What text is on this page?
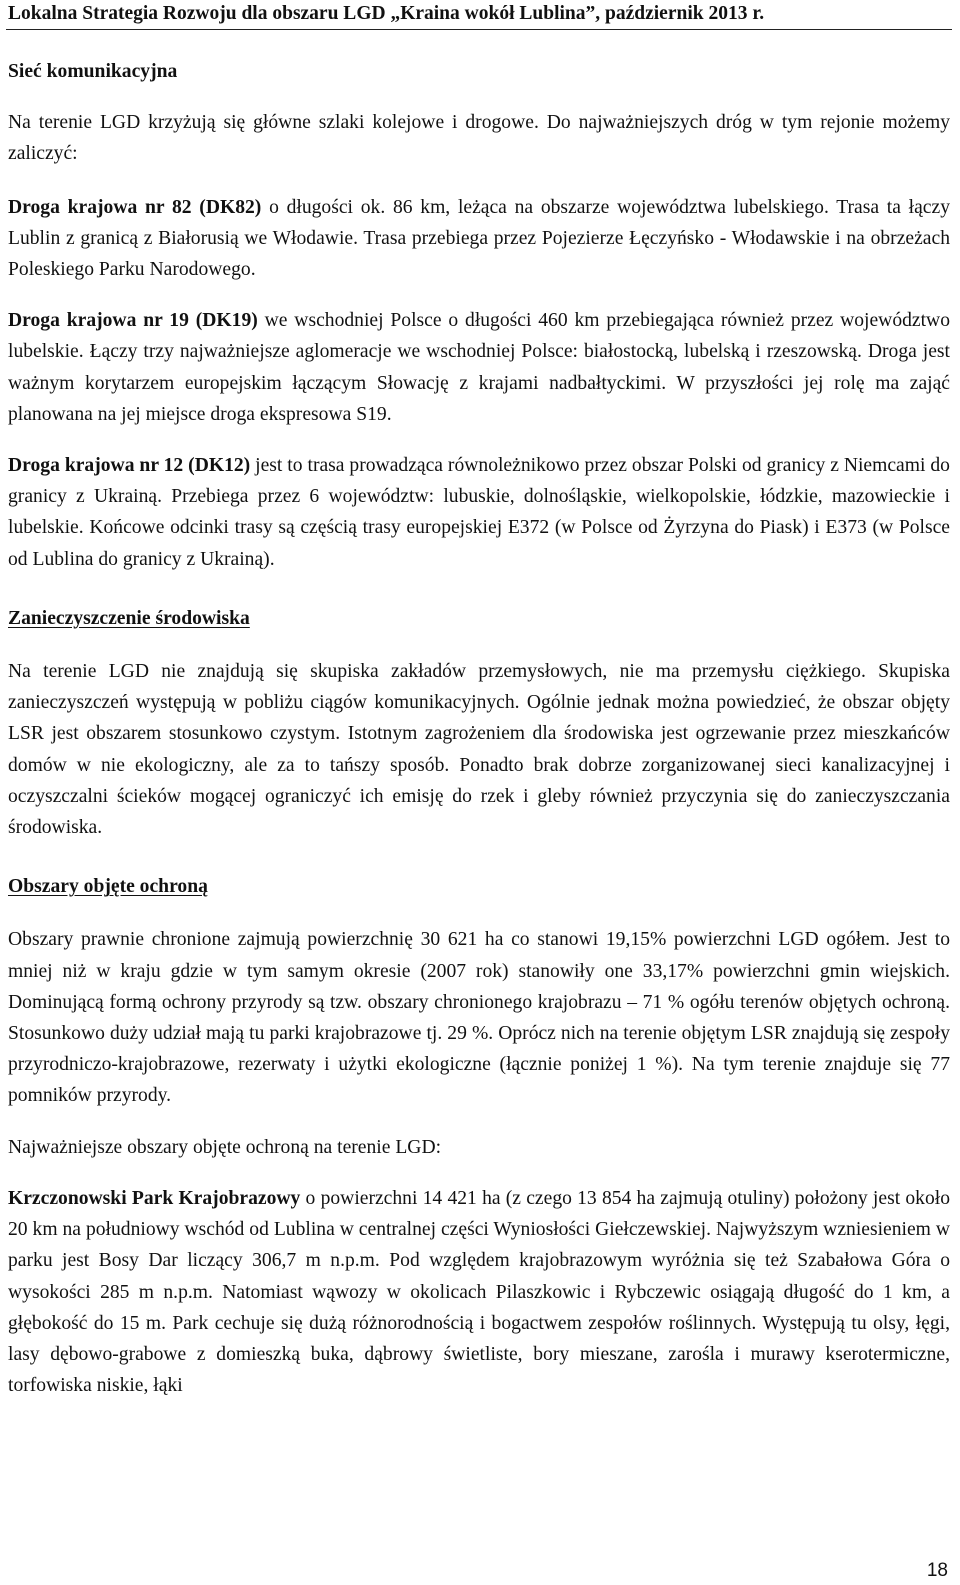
Lokalna Strategia Rozwoju dla obszaru LGD „Kraina wokół Lublina”, październik 2013 r.

Sieć komunikacyjna

Na terenie LGD krzyżują się główne szlaki kolejowe i drogowe. Do najważniejszych dróg w tym rejonie możemy zaliczyć:

Droga krajowa nr 82 (DK82) o długości ok. 86 km, leżąca na obszarze województwa lubelskiego. Trasa ta łączy Lublin z granicą z Białorusią we Włodawie. Trasa przebiega przez Pojezierze Łęczyńsko - Włodawskie i na obrzeżach Poleskiego Parku Narodowego.

Droga krajowa nr 19 (DK19) we wschodniej Polsce o długości 460 km przebiegająca również przez województwo lubelskie. Łączy trzy najważniejsze aglomeracje we wschodniej Polsce: białostocką, lubelską i rzeszowską. Droga jest ważnym korytarzem europejskim łączącym Słowację z krajami nadbałtyckimi. W przyszłości jej rolę ma zająć planowana na jej miejsce droga ekspresowa S19.

Droga krajowa nr 12 (DK12) jest to trasa prowadząca równoleżnikowo przez obszar Polski od granicy z Niemcami do granicy z Ukrainą. Przebiega przez 6 województw: lubuskie, dolnośląskie, wielkopolskie, łódzkie, mazowieckie i lubelskie. Końcowe odcinki trasy są częścią trasy europejskiej E372 (w Polsce od Żyrzyna do Piask) i E373 (w Polsce od Lublina do granicy z Ukrainą).

Zanieczyszczenie środowiska

Na terenie LGD nie znajdują się skupiska zakładów przemysłowych, nie ma przemysłu ciężkiego. Skupiska zanieczyszczeń występują w pobliżu ciągów komunikacyjnych. Ogólnie jednak można powiedzieć, że obszar objęty LSR jest obszarem stosunkowo czystym. Istotnym zagrożeniem dla środowiska jest ogrzewanie przez mieszkańców domów w nie ekologiczny, ale za to tańszy sposób. Ponadto brak dobrze zorganizowanej sieci kanalizacyjnej i oczyszczalni ścieków mogącej ograniczyć ich emisję do rzek i gleby również przyczynia się do zanieczyszczania środowiska.

Obszary objęte ochroną

Obszary prawnie chronione zajmują powierzchnię 30 621 ha co stanowi 19,15% powierzchni LGD ogółem. Jest to mniej niż w kraju gdzie w tym samym okresie (2007 rok) stanowiły one 33,17% powierzchni gmin wiejskich. Dominującą formą ochrony przyrody są tzw. obszary chronionego krajobrazu – 71 % ogółu terenów objętych ochroną. Stosunkowo duży udział mają tu parki krajobrazowe tj. 29 %. Oprócz nich na terenie objętym LSR znajdują się zespoły przyrodniczo-krajobrazowe, rezerwaty i użytki ekologiczne (łącznie poniżej 1 %). Na tym terenie znajduje się 77 pomników przyrody.

Najważniejsze obszary objęte ochroną na terenie LGD:

Krzczonowski Park Krajobrazowy o powierzchni 14 421 ha (z czego 13 854 ha zajmują otuliny) położony jest około 20 km na południowy wschód od Lublina w centralnej części Wyniosłości Giełczewskiej. Najwyższym wzniesieniem w parku jest Bosy Dar liczący 306,7 m n.p.m. Pod względem krajobrazowym wyróżnia się też Szabałowa Góra o wysokości 285 m n.p.m. Natomiast wąwozy w okolicach Pilaszkowic i Rybczewic osiągają długość do 1 km, a głębokość do 15 m. Park cechuje się dużą różnorodnością i bogactwem zespołów roślinnych. Występują tu olsy, łęgi, lasy dębowo-grabowe z domieszką buka, dąbrowy świetliste, bory mieszane, zarośla i murawy kserotermiczne, torfowiska niskie, łąki

18
